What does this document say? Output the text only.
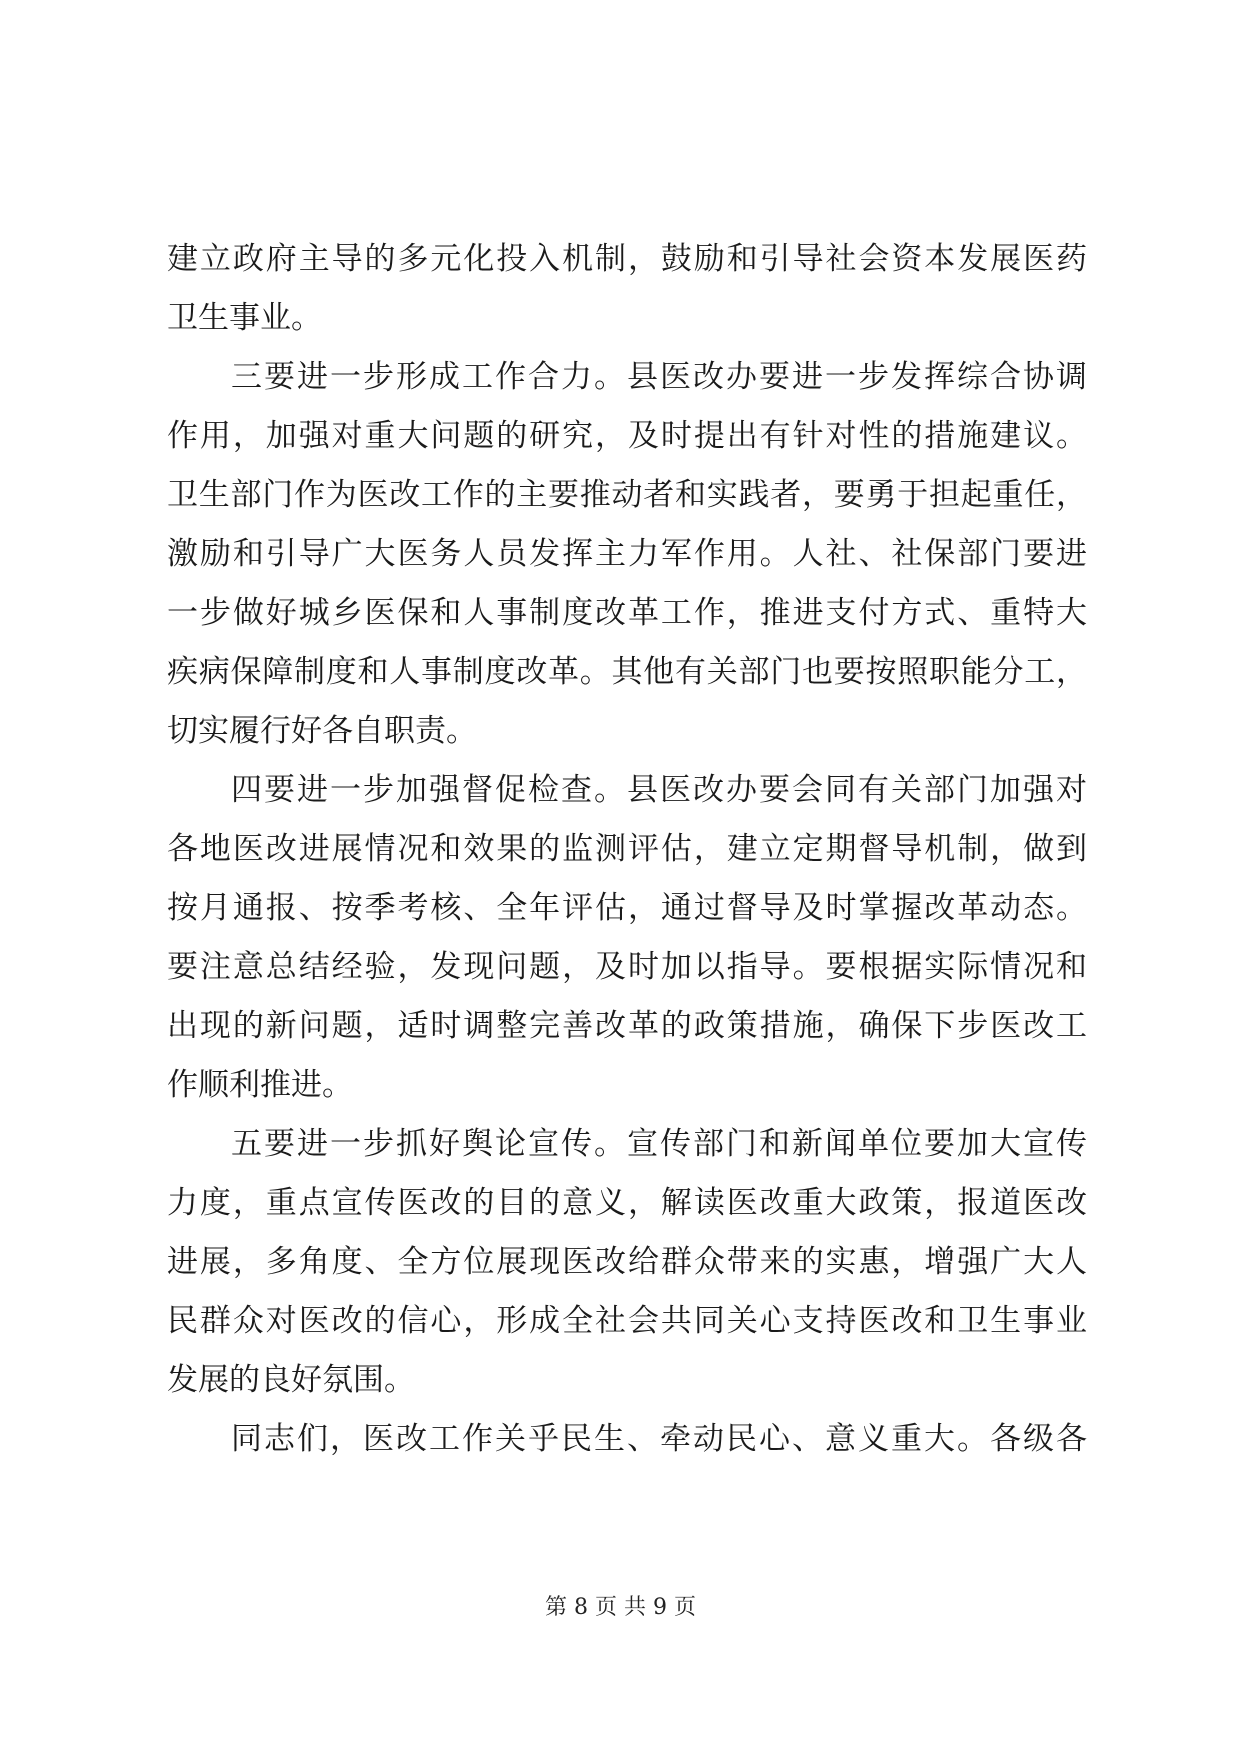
建立政府主导的多元化投入机制，鼓励和引导社会资本发展医药
卫生事业。
三要进一步形成工作合力。县医改办要进一步发挥综合协调
作用，加强对重大问题的研究，及时提出有针对性的措施建议。
卫生部门作为医改工作的主要推动者和实践者，要勇于担起重任，
激励和引导广大医务人员发挥主力军作用。人社、社保部门要进
一步做好城乡医保和人事制度改革工作，推进支付方式、重特大
疾病保障制度和人事制度改革。其他有关部门也要按照职能分工，
切实履行好各自职责。
四要进一步加强督促检查。县医改办要会同有关部门加强对
各地医改进展情况和效果的监测评估，建立定期督导机制，做到
按月通报、按季考核、全年评估，通过督导及时掌握改革动态。
要注意总结经验，发现问题，及时加以指导。要根据实际情况和
出现的新问题，适时调整完善改革的政策措施，确保下步医改工
作顺利推进。
五要进一步抓好舆论宣传。宣传部门和新闻单位要加大宣传
力度，重点宣传医改的目的意义，解读医改重大政策，报道医改
进展，多角度、全方位展现医改给群众带来的实惠，增强广大人
民群众对医改的信心，形成全社会共同关心支持医改和卫生事业
发展的良好氛围。
同志们，医改工作关乎民生、牵动民心、意义重大。各级各
第 8 页 共 9 页
